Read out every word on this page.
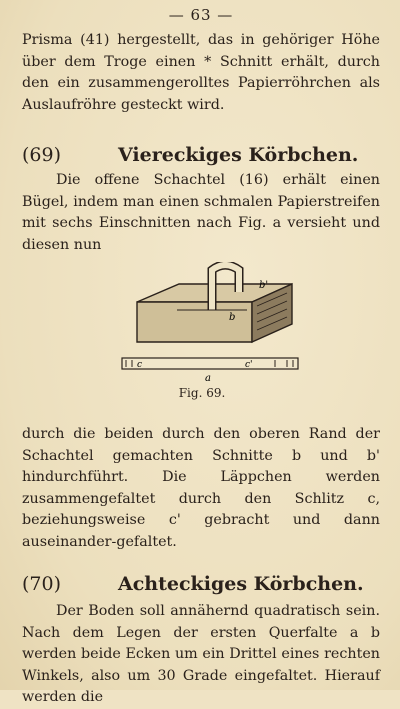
— 63 —

Prisma (41) hergestellt, das in gehöriger Höhe über dem Troge einen * Schnitt erhält, durch den ein zusammengerolltes Papierröhrchen als Auslaufröhre gesteckt wird.

(69)	Viereckiges Körbchen.

Die offene Schachtel (16) erhält einen Bügel, indem man einen schmalen Papierstreifen mit sechs Einschnitten nach Fig. a versieht und diesen nun

b
b'
c	c'
a
Fig. 69.

durch die beiden durch den oberen Rand der Schachtel gemachten Schnitte b und b' hindurchführt. Die Läppchen werden zusammengefaltet durch den Schlitz c, beziehungsweise c' gebracht und dann auseinander-gefaltet.

(70)	Achteckiges Körbchen.

Der Boden soll annähernd quadratisch sein. Nach dem Legen der ersten Querfalte a b werden beide Ecken um ein Drittel eines rechten Winkels, also um 30 Grade eingefaltet. Hierauf werden die
